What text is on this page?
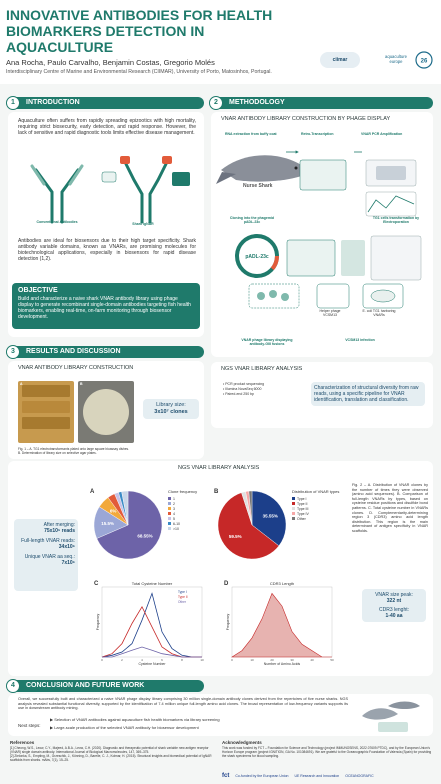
INNOVATIVE ANTIBODIES FOR HEALTH BIOMARKERS DETECTION IN AQUACULTURE
Ana Rocha, Paulo Carvalho, Benjamin Costas, Gregorio Molés
Interdisciplinary Centre of Marine and Environmental Research (CIIMAR), University of Porto, Matosinhos, Portugal.
ciimar	26
aquaculture
europe
1	INTRODUCTION
Aquaculture often suffers from rapidly spreading epizootics with high mortality, requiring strict biosecurity, early detection, and rapid response. However, the lack of sensitive and rapid diagnostic tools limits effective disease management.
Conventional Antibodies	Shark IgNAR
Antibodies are ideal for biosensors due to their high target specificity. Shark antibody variable domains, known as VNARs, are promising molecules for biotechnological applications, especially in biosensors for rapid disease detection (1,2).
OBJECTIVE
Build and characterize a naive shark VNAR antibody library using phage display to generate recombinant single-domain antibodies targeting fish health biomarkers, enabling real-time, on-farm monitoring through biosensor development.
2	METHODOLOGY
VNAR ANTIBODY LIBRARY CONSTRUCTION BY PHAGE DISPLAY
RNA extraction from buffy coat	Retro-Transcription	VNAR PCR Amplification
Nurse Shark
Cloning into the phagemid pADL-23c
TG1 cells transformation by Electroporation
pADL-23c
Helper phage VCSM13
E. coli TG1 harboring VNARs
VNAR phage library displaying antibody-GIII fusions
VCSM13 infection
NGS VNAR LIBRARY ANALYSIS
• PCR product sequencing
• Illumina NovaSeq 6000
• Paired-end 250 bp
Characterization of structural diversity from raw reads, using a specific pipeline for VNAR identification, translation and classification.
3	RESULTS AND DISCUSSION
VNAR ANTIBODY LIBRARY CONSTRUCTION
A	B
Library size:
3x10⁷ clones
Fig. 1 – A. TG1 electrotransformants plated onto large square bioassay dishes.
B. Determination of library size on selective agar plates.
NGS VNAR LIBRARY ANALYSIS
After merging:
75x10⁶ reads
Full-length VNAR reads:
34x10⁶
Unique VNAR aa seq.:
7x10⁶
68.55%
15.5%
6%
A	Clone frequency
1
2
3
4
5
6-10
>10
35.55%
59.5%
B	Distribution of VNAR types
Type I
Type II
Type III
Type IV
Other
C	Total Cysteine Number
Cysteine Number
Frequency
0	2	4	6	8	10
Type I
Type II
Other
D	CDR3 Length
Number of Amino Acids
Frequency
0	10	20	30	40	50
Fig. 2 – A. Distribution of VNAR clones by the number of times they were observed (amino acid sequences). B. Comparison of full-length VNARs by types, based on cysteine residue positions and disulfide bond patterns. C. Total cysteine number in VNARs clones. D. Complementarity-determining region 3 (CDR3) amino acid length distribution. This region is the main determinant of antigen specificity in VNAR scaffolds.
VNAR size peak:
322 nt
CDR3 lenght:
1-40 aa
4	CONCLUSION AND FUTURE WORK
Overall, we successfully built and characterized a naive VNAR phage display library comprising 30 million single-domain antibody clones derived from the repertoires of five nurse sharks. NGS analysis revealed substantial functional diversity, supported by the identification of 7.4 million unique full-length amino acid clones. The broad representation of low-frequency variants supports its use in downstream antibody mining.
Next steps:
▶ Selection of VNAR antibodies against aquaculture fish health biomarkers via library screening
▶ Large-scale production of the selected VNAR antibody for biosensor development
References
[1] Cheong, W.S., Leow, C.Y., Majeed, A.B.A., Leow, C.H. (2020). Diagnostic and therapeutic potential of shark variable new antigen receptor (VNAR) single domain antibody. International Journal of Biological Macromolecules, 147, 369–375.
[2] Zielonka, S., Empting, M., Grzeschik, J., Könning, D., Barelle, C. J., Kolmar, H. (2015). Structural insights and biomedical potential of IgNAR scaffolds from sharks. mAbs, 7(1), 15–25.
Acknowledgments
This work was funded by FCT – Foundation for Science and Technology (project IMMUNOSENS, 2022.07609.PTDC), and by the European Union's Horizon Europe program (project IGNITION, GA No. 101084691). We are grateful to the Oceanographic Foundation of Valencia (Spain) for providing the shark specimens for blood sampling.
fct Co-funded by the European Union UE Research and Innovation OCEANOGRAFIC
